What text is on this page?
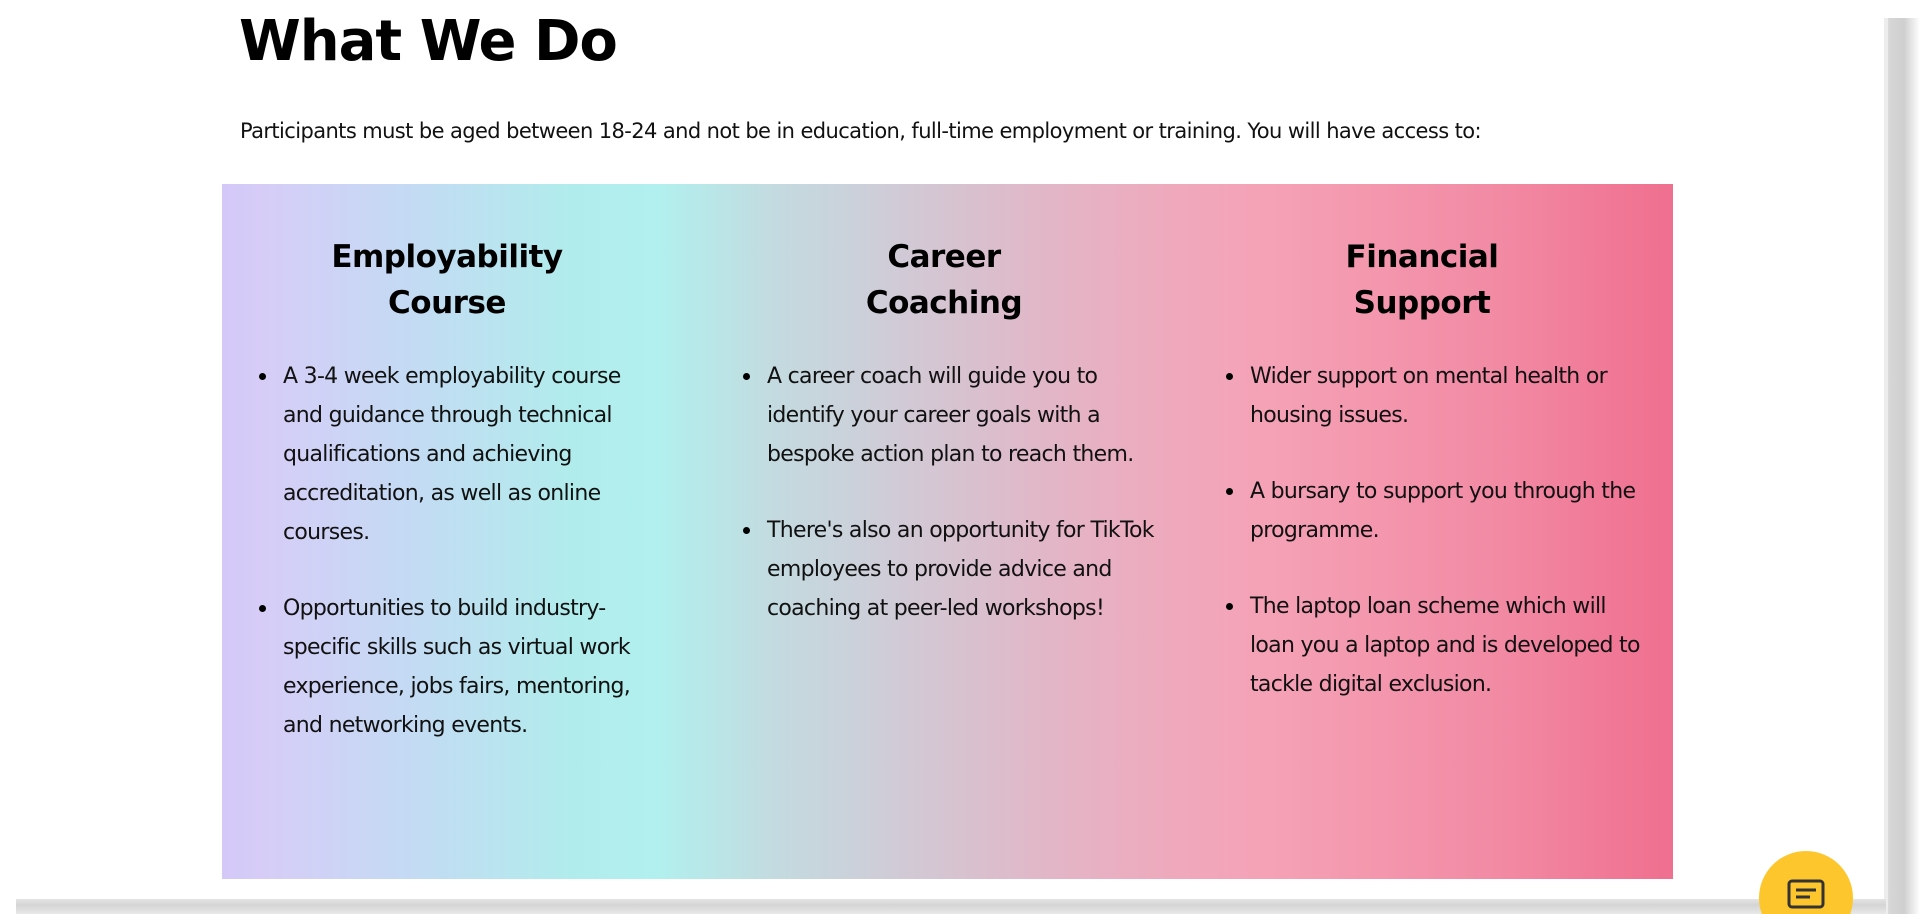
What We Do

Participants must be aged between 18-24 and not be in education, full-time employment or training. You will have access to:

Employability
Course
A 3-4 week employability course and guidance through technical qualifications and achieving accreditation, as well as online courses.
Opportunities to build industry-specific skills such as virtual work experience, jobs fairs, mentoring, and networking events.
Career
Coaching
A career coach will guide you to identify your career goals with a bespoke action plan to reach them.
There's also an opportunity for TikTok employees to provide advice and coaching at peer-led workshops!
Financial
Support
Wider support on mental health or housing issues.
A bursary to support you through the programme.
The laptop loan scheme which will loan you a laptop and is developed to tackle digital exclusion.
